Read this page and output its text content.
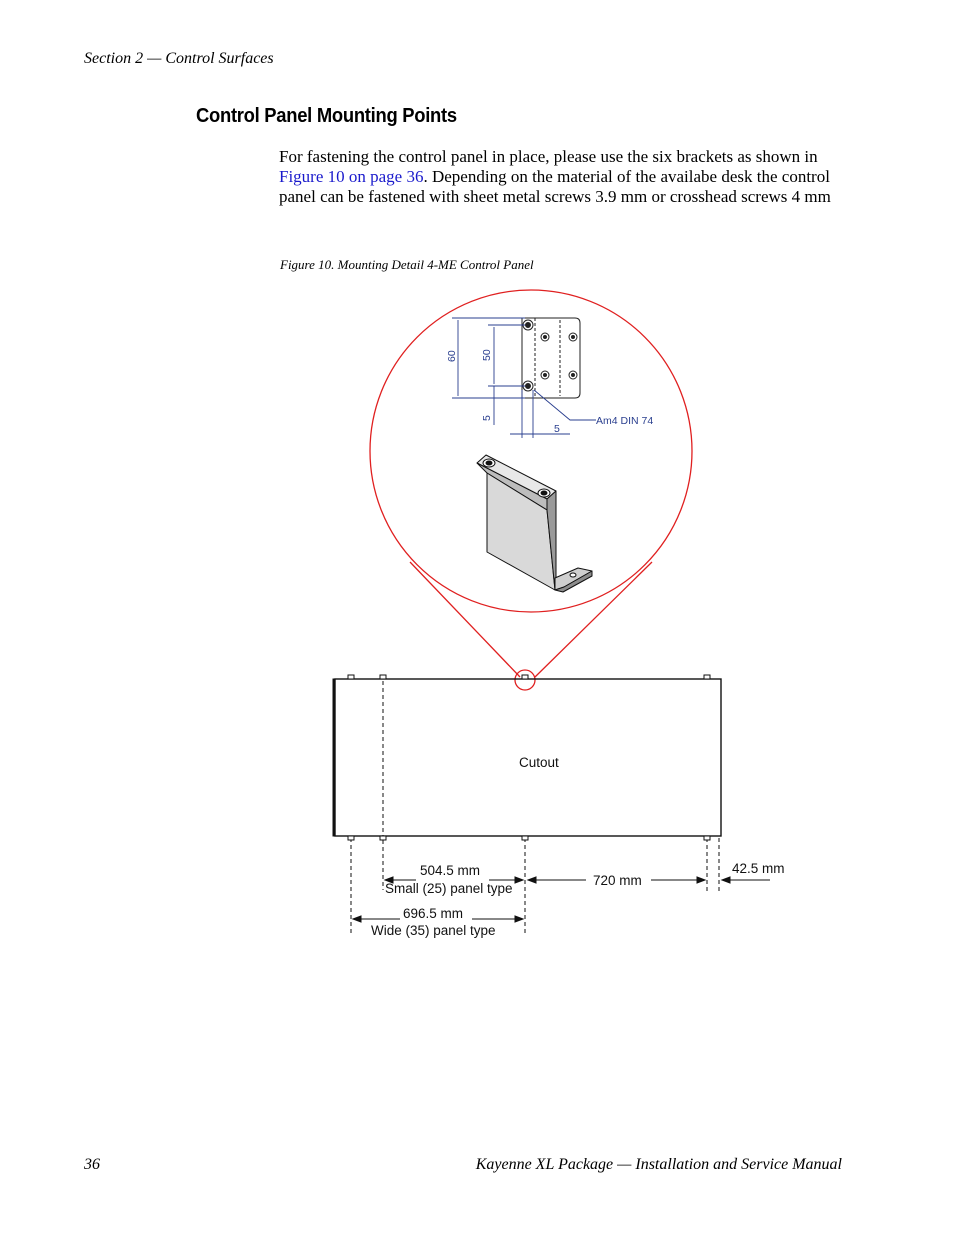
Section 2 — Control Surfaces
Control Panel Mounting Points

For fastening the control panel in place, please use the six brackets as shown in Figure 10 on page 36. Depending on the material of the availabe desk the control panel can be fastened with sheet metal screws 3.9 mm or crosshead screws 4 mm

Figure 10. Mounting Detail 4-ME Control Panel
60 50
5
5
Am4 DIN 74
Cutout
504.5 mm
Small (25) panel type
720 mm
42.5 mm
696.5 mm
Wide (35) panel type
36	Kayenne XL Package — Installation and Service Manual
